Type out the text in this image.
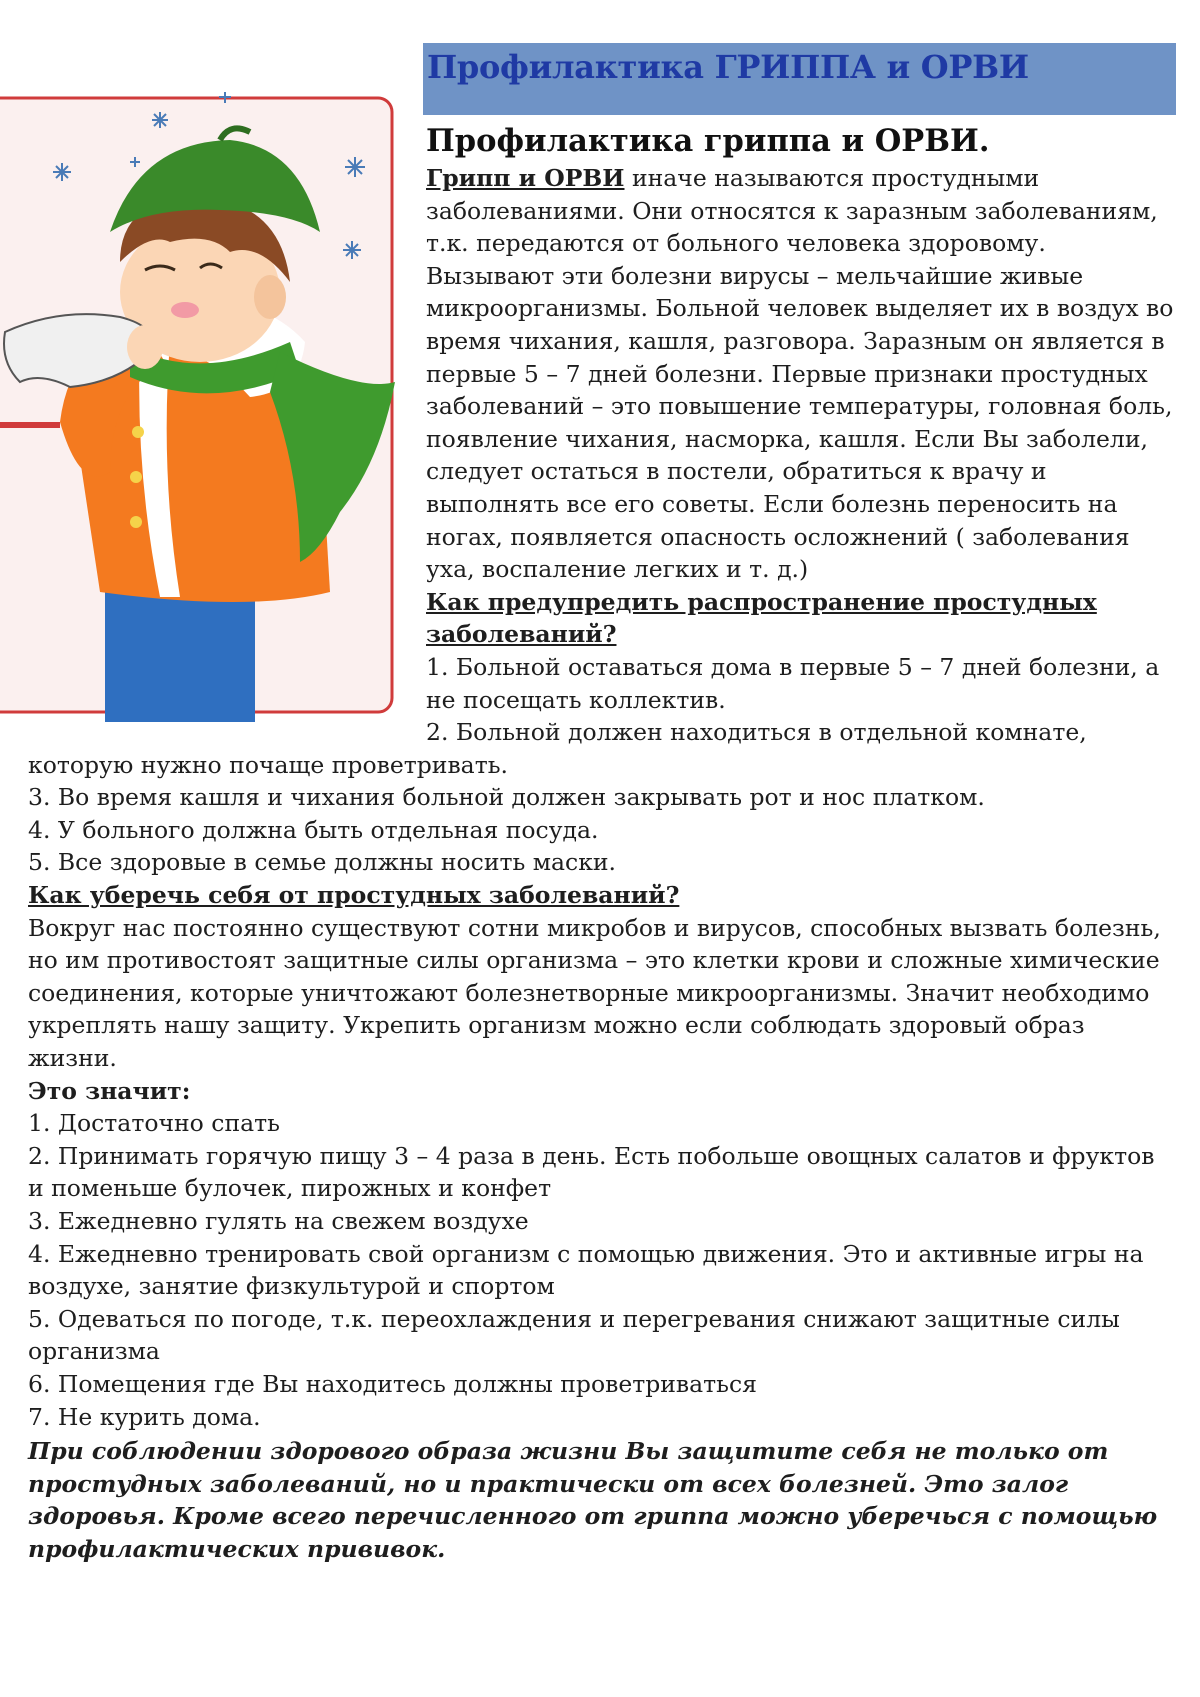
Профилактика ГРИППА и ОРВИ
Профилактика гриппа и ОРВИ.

Грипп и ОРВИ иначе называются простудными заболеваниями. Они относятся к заразным заболеваниям, т.к. передаются от больного человека здоровому. Вызывают эти болезни вирусы – мельчайшие живые микроорганизмы. Больной человек выделяет их в воздух во время чихания, кашля, разговора. Заразным он является в первые 5 – 7 дней болезни. Первые признаки простудных заболеваний – это повышение температуры, головная боль, появление чихания, насморка, кашля. Если Вы заболели, следует остаться в постели, обратиться к врачу и выполнять все его советы. Если болезнь переносить на ногах, появляется опасность осложнений ( заболевания уха, воспаление легких и т. д.)

Как предупредить распространение простудных заболеваний?

1. Больной оставаться дома в первые 5 – 7 дней болезни, а не посещать коллектив.

2. Больной должен находиться в отдельной комнате, которую нужно почаще проветривать.

3. Во время кашля и чихания больной должен закрывать рот и нос платком.

4. У больного должна быть отдельная посуда.

5. Все здоровые в семье должны носить маски.

Как уберечь себя от простудных заболеваний?

Вокруг нас постоянно существуют сотни микробов и вирусов, способных вызвать болезнь, но им противостоят защитные силы организма – это клетки крови и сложные химические соединения, которые уничтожают болезнетворные микроорганизмы. Значит необходимо укреплять нашу защиту. Укрепить организм можно если соблюдать здоровый образ жизни.

Это значит:

1. Достаточно спать

2. Принимать горячую пищу 3 – 4 раза в день. Есть побольше овощных салатов и фруктов и поменьше булочек, пирожных и конфет

3. Ежедневно гулять на свежем воздухе

4. Ежедневно тренировать свой организм с помощью движения. Это и активные игры на воздухе, занятие физкультурой и спортом

5. Одеваться по погоде, т.к. переохлаждения и перегревания снижают защитные силы организма

6. Помещения где Вы находитесь должны проветриваться

7. Не курить дома.

При соблюдении здорового образа жизни Вы защитите себя не только от простудных заболеваний, но и практически от всех болезней. Это залог здоровья. Кроме всего перечисленного от гриппа можно уберечься с помощью профилактических прививок.
